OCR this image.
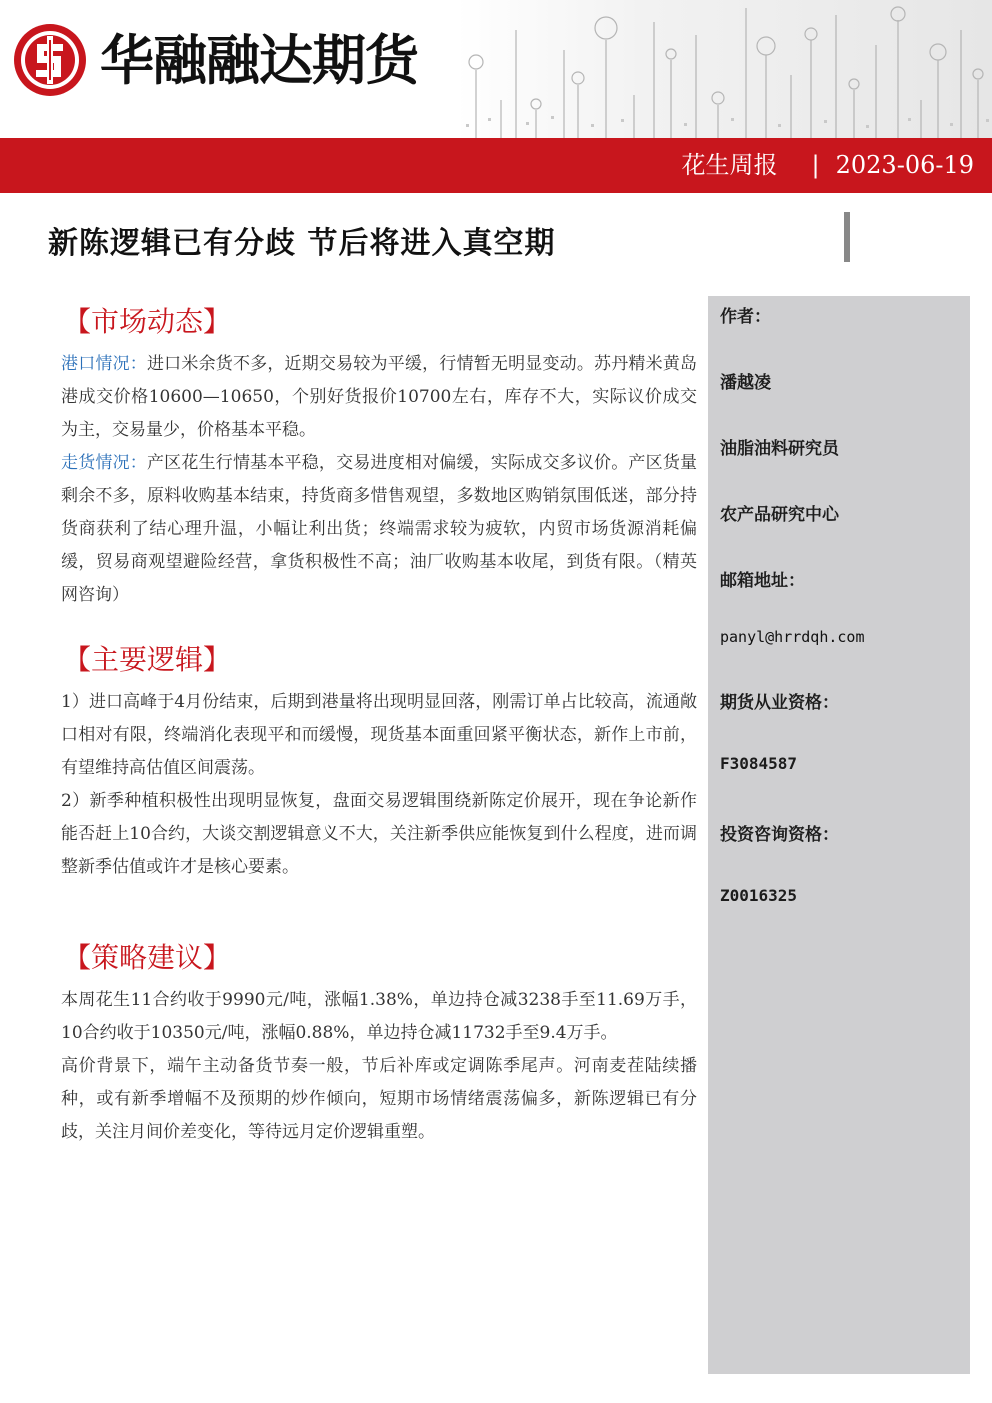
华融融达期货
花生周报 | 2023-06-19
新陈逻辑已有分歧 节后将进入真空期
【市场动态】

港口情况：进口米余货不多，近期交易较为平缓，行情暂无明显变动。苏丹精米黄岛港成交价格10600—10650，个别好货报价10700左右，库存不大，实际议价成交为主，交易量少，价格基本平稳。

走货情况：产区花生行情基本平稳，交易进度相对偏缓，实际成交多议价。产区货量剩余不多，原料收购基本结束，持货商多惜售观望，多数地区购销氛围低迷，部分持货商获利了结心理升温，小幅让利出货；终端需求较为疲软，内贸市场货源消耗偏缓，贸易商观望避险经营，拿货积极性不高；油厂收购基本收尾，到货有限。（精英网咨询）

【主要逻辑】

1）进口高峰于4月份结束，后期到港量将出现明显回落，刚需订单占比较高，流通敞口相对有限，终端消化表现平和而缓慢，现货基本面重回紧平衡状态，新作上市前，有望维持高估值区间震荡。

2）新季种植积极性出现明显恢复，盘面交易逻辑围绕新陈定价展开，现在争论新作能否赶上10合约，大谈交割逻辑意义不大，关注新季供应能恢复到什么程度，进而调整新季估值或许才是核心要素。

【策略建议】

本周花生11合约收于9990元/吨，涨幅1.38%，单边持仓减3238手至11.69万手，10合约收于10350元/吨，涨幅0.88%，单边持仓减11732手至9.4万手。

高价背景下，端午主动备货节奏一般，节后补库或定调陈季尾声。河南麦茬陆续播种，或有新季增幅不及预期的炒作倾向，短期市场情绪震荡偏多，新陈逻辑已有分歧，关注月间价差变化，等待远月定价逻辑重塑。

作者：
潘越凌
油脂油料研究员
农产品研究中心
邮箱地址：
panyl@hrrdqh.com
期货从业资格：
F3084587
投资咨询资格：
Z0016325
